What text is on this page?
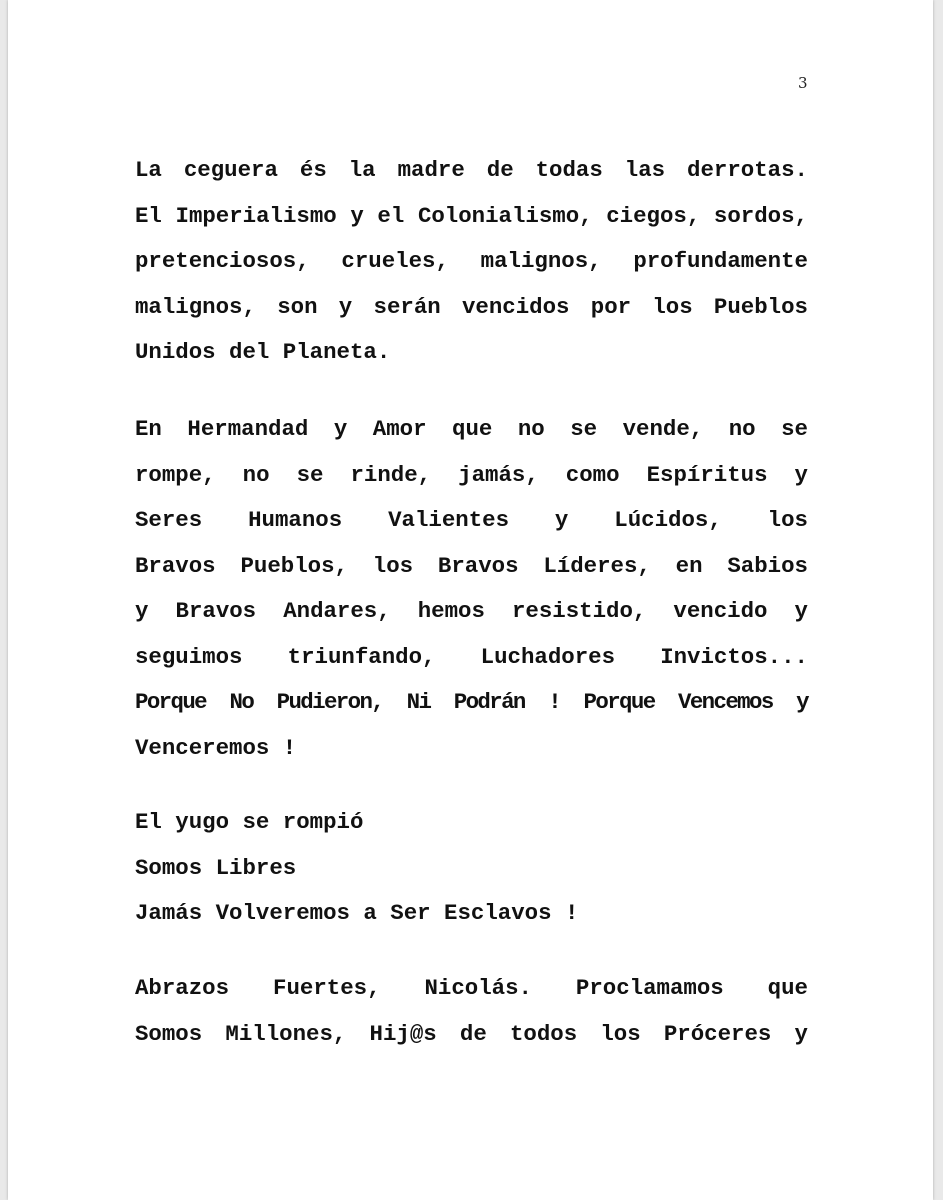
3
La ceguera és la madre de todas las derrotas.
El Imperialismo y el Colonialismo, ciegos, sordos,
pretenciosos, crueles, malignos, profundamente
malignos, son y serán vencidos por los Pueblos
Unidos del Planeta.
En Hermandad y Amor que no se vende, no se
rompe, no se rinde, jamás, como Espíritus y
Seres Humanos Valientes y Lúcidos, los
Bravos Pueblos, los Bravos Líderes, en Sabios
y Bravos Andares, hemos resistido, vencido y
seguimos triunfando, Luchadores Invictos...
Porque No Pudieron, Ni Podrán ! Porque Vencemos y
Venceremos !
El yugo se rompió
Somos Libres
Jamás Volveremos a Ser Esclavos !
Abrazos Fuertes, Nicolás. Proclamamos que
Somos Millones, Hij@s de todos los Próceres y
